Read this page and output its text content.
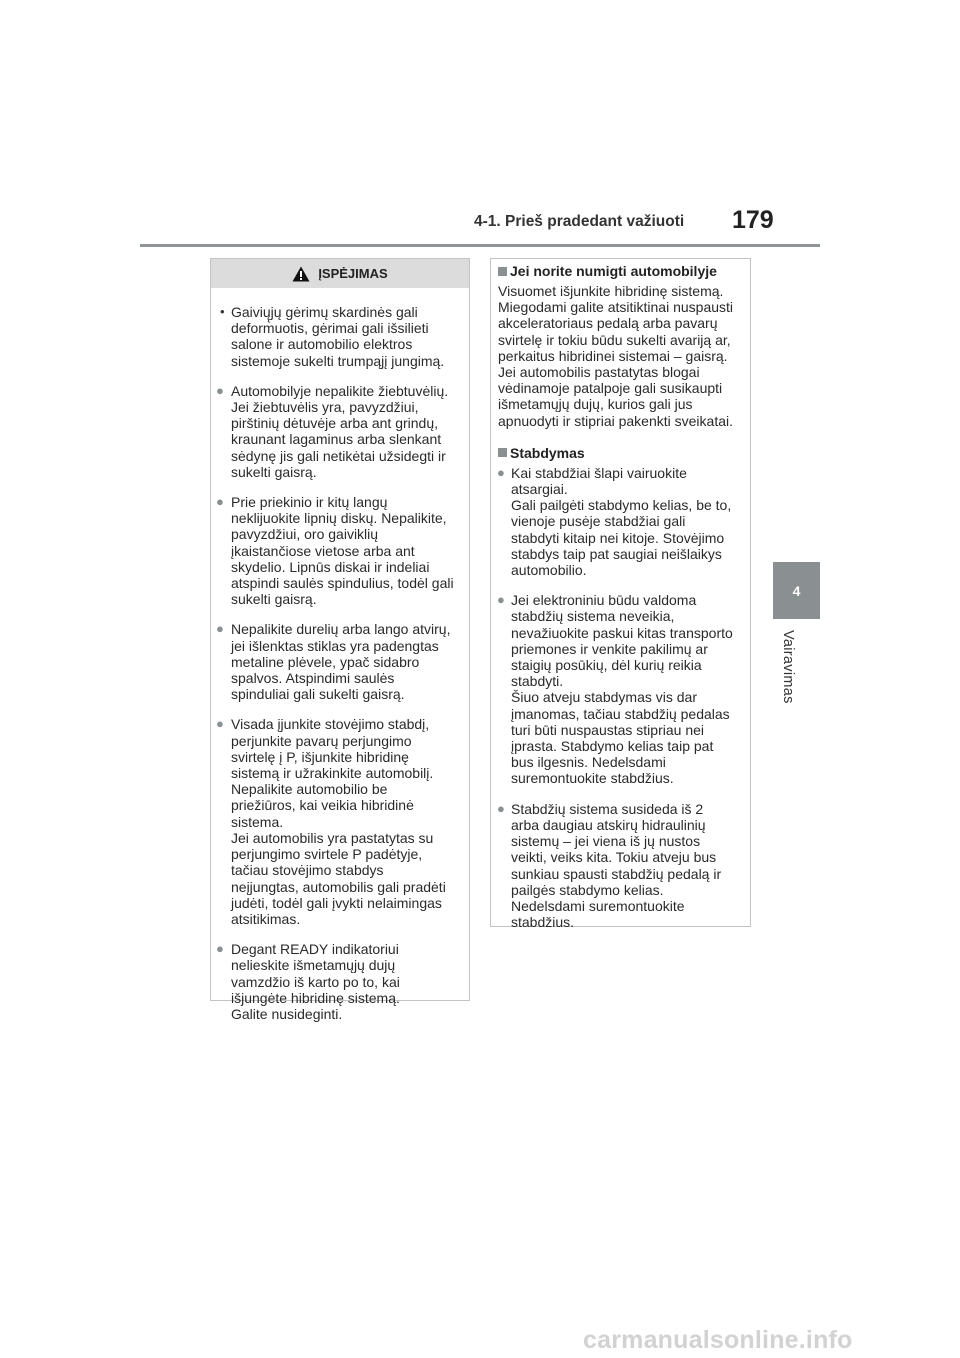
4-1. Prieš pradedant važiuoti 179
4
Vairavimas
ĮSPĖJIMAS
• Gaivių̨jų gėrimų skardinės gali
deformuotis, gėrimai gali išsilieti
salone ir automobilio elektros
sistemoje sukelti trumpąjį jungimą.
● Automobilyje nepalikite žiebtuvėlių.
Jei žiebtuvėlis yra, pavyzdžiui,
pirštinių dėtuvėje arba ant grindų,
kraunant lagaminus arba slenkant
sėdynę jis gali netikėtai užsidegti ir
sukelti gaisrą.
● Prie priekinio ir kitų langų
neklijuokite lipnių diskų. Nepalikite,
pavyzdžiui, oro gaiviklių
įkaistančiose vietose arba ant
skydelio. Lipnūs diskai ir indeliai
atspindi saulės spindulius, todėl gali
sukelti gaisrą.
● Nepalikite durelių arba lango atvirų,
jei išlenktas stiklas yra padengtas
metaline plėvele, ypač sidabro
spalvos. Atspindimi saulės
spinduliai gali sukelti gaisrą.
● Visada įjunkite stovėjimo stabdį,
perjunkite pavarų perjungimo
svirtelę į P, išjunkite hibridinę
sistemą ir užrakinkite automobilį.
Nepalikite automobilio be
priežiūros, kai veikia hibridinė
sistema.
Jei automobilis yra pastatytas su
perjungimo svirtele P padėtyje,
tačiau stovėjimo stabdys
neįjungtas, automobilis gali pradėti
judėti, todėl gali įvykti nelaimingas
atsitikimas.
● Degant READY indikatoriui
nelieskite išmetamųjų dujų
vamzdžio iš karto po to, kai
išjungėte hibridinę sistemą.
Galite nusideginti.
Jei norite numigti automobilyje
Visuomet išjunkite hibridinę sistemą.
Miegodami galite atsitiktinai nuspausti
akceleratoriaus pedalą arba pavarų
svirtelę ir tokiu būdu sukelti avariją ar,
perkaitus hibridinei sistemai – gaisrą.
Jei automobilis pastatytas blogai
vėdinamoje patalpoje gali susikaupti
išmetamųjų dujų, kurios gali jus
apnuodyti ir stipriai pakenkti sveikatai.
Stabdymas
● Kai stabdžiai šlapi vairuokite
atsargiai.
Gali pailgėti stabdymo kelias, be to,
vienoje pusėje stabdžiai gali
stabdyti kitaip nei kitoje. Stovėjimo
stabdys taip pat saugiai neišlaikys
automobilio.
● Jei elektroniniu būdu valdoma
stabdžių sistema neveikia,
nevažiuokite paskui kitas transporto
priemones ir venkite pakilimų ar
staigių posūkių, dėl kurių reikia
stabdyti.
Šiuo atveju stabdymas vis dar
įmanomas, tačiau stabdžių pedalas
turi būti nuspaustas stipriau nei
įprasta. Stabdymo kelias taip pat
bus ilgesnis. Nedelsdami
suremontuokite stabdžius.
● Stabdžių sistema susideda iš 2
arba daugiau atskirų hidraulinių
sistemų – jei viena iš jų nustos
veikti, veiks kita. Tokiu atveju bus
sunkiau spausti stabdžių pedalą ir
pailgės stabdymo kelias.
Nedelsdami suremontuokite
stabdžius.
carmanualsonline.info
